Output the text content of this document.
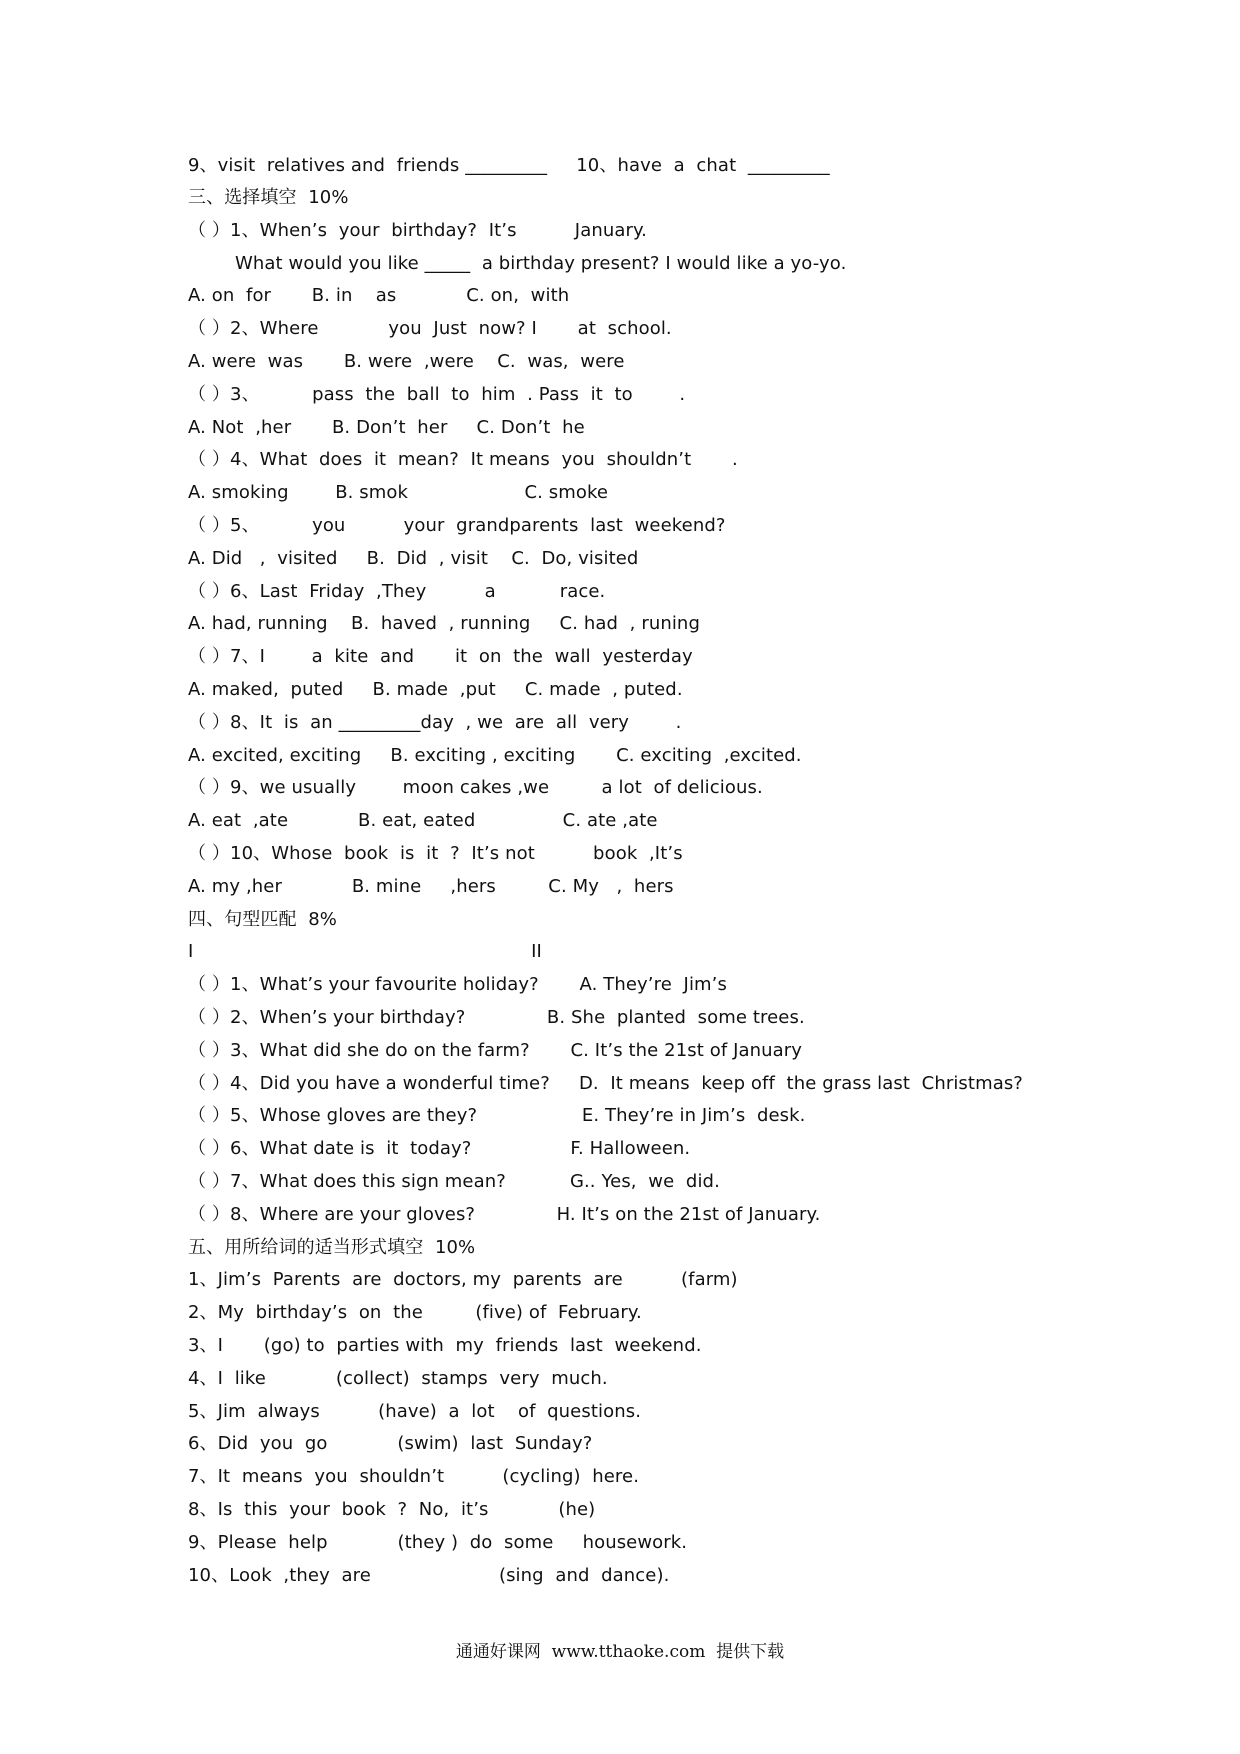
9、visit  relatives and  friends _________     10、have  a  chat  _________
三、选择填空  10%
（ ）1、When’s  your  birthday?  It’s          January.
What would you like _____  a birthday present? I would like a yo-yo.
A. on  for       B. in    as            C. on,  with
（ ）2、Where            you  Just  now? I       at  school.
A. were  was       B. were  ,were    C.  was,  were
（ ）3、         pass  the  ball  to  him  . Pass  it  to        .
A. Not  ,her       B. Don’t  her     C. Don’t  he
（ ）4、What  does  it  mean?  It means  you  shouldn’t       .
A. smoking        B. smok                    C. smoke
（ ）5、         you          your  grandparents  last  weekend?
A. Did   ,  visited     B.  Did  , visit    C.  Do, visited
（ ）6、Last  Friday  ,They          a           race.
A. had, running    B.  haved  , running     C. had  , runing
（ ）7、I        a  kite  and       it  on  the  wall  yesterday
A. maked,  puted     B. made  ,put     C. made  , puted.
（ ）8、It  is  an _________day  , we  are  all  very        .
A. excited, exciting     B. exciting , exciting       C. exciting  ,excited.
（ ）9、we usually        moon cakes ,we         a lot  of delicious.
A. eat  ,ate            B. eat, eated               C. ate ,ate
（ ）10、Whose  book  is  it  ?  It’s not          book  ,It’s
A. my ,her            B. mine     ,hers         C. My   ,  hers
四、句型匹配  8%
I                                                          II
（ ）1、What’s your favourite holiday?       A. They’re  Jim’s
（ ）2、When’s your birthday?              B. She  planted  some trees.
（ ）3、What did she do on the farm?       C. It’s the 21st of January
（ ）4、Did you have a wonderful time?     D.  It means  keep off  the grass last  Christmas?
（ ）5、Whose gloves are they?                  E. They’re in Jim’s  desk.
（ ）6、What date is  it  today?                 F. Halloween.
（ ）7、What does this sign mean?           G.. Yes,  we  did.
（ ）8、Where are your gloves?              H. It’s on the 21st of January.
五、用所给词的适当形式填空  10%
1、Jim’s  Parents  are  doctors, my  parents  are          (farm)
2、My  birthday’s  on  the         (five) of  February.
3、I       (go) to  parties with  my  friends  last  weekend.
4、I  like            (collect)  stamps  very  much.
5、Jim  always          (have)  a  lot    of  questions.
6、Did  you  go            (swim)  last  Sunday?
7、It  means  you  shouldn’t          (cycling)  here.
8、Is  this  your  book  ?  No,  it’s            (he)
9、Please  help            (they )  do  some     housework.
10、Look  ,they  are                      (sing  and  dance).
通通好课网  www.tthaoke.com  提供下载
